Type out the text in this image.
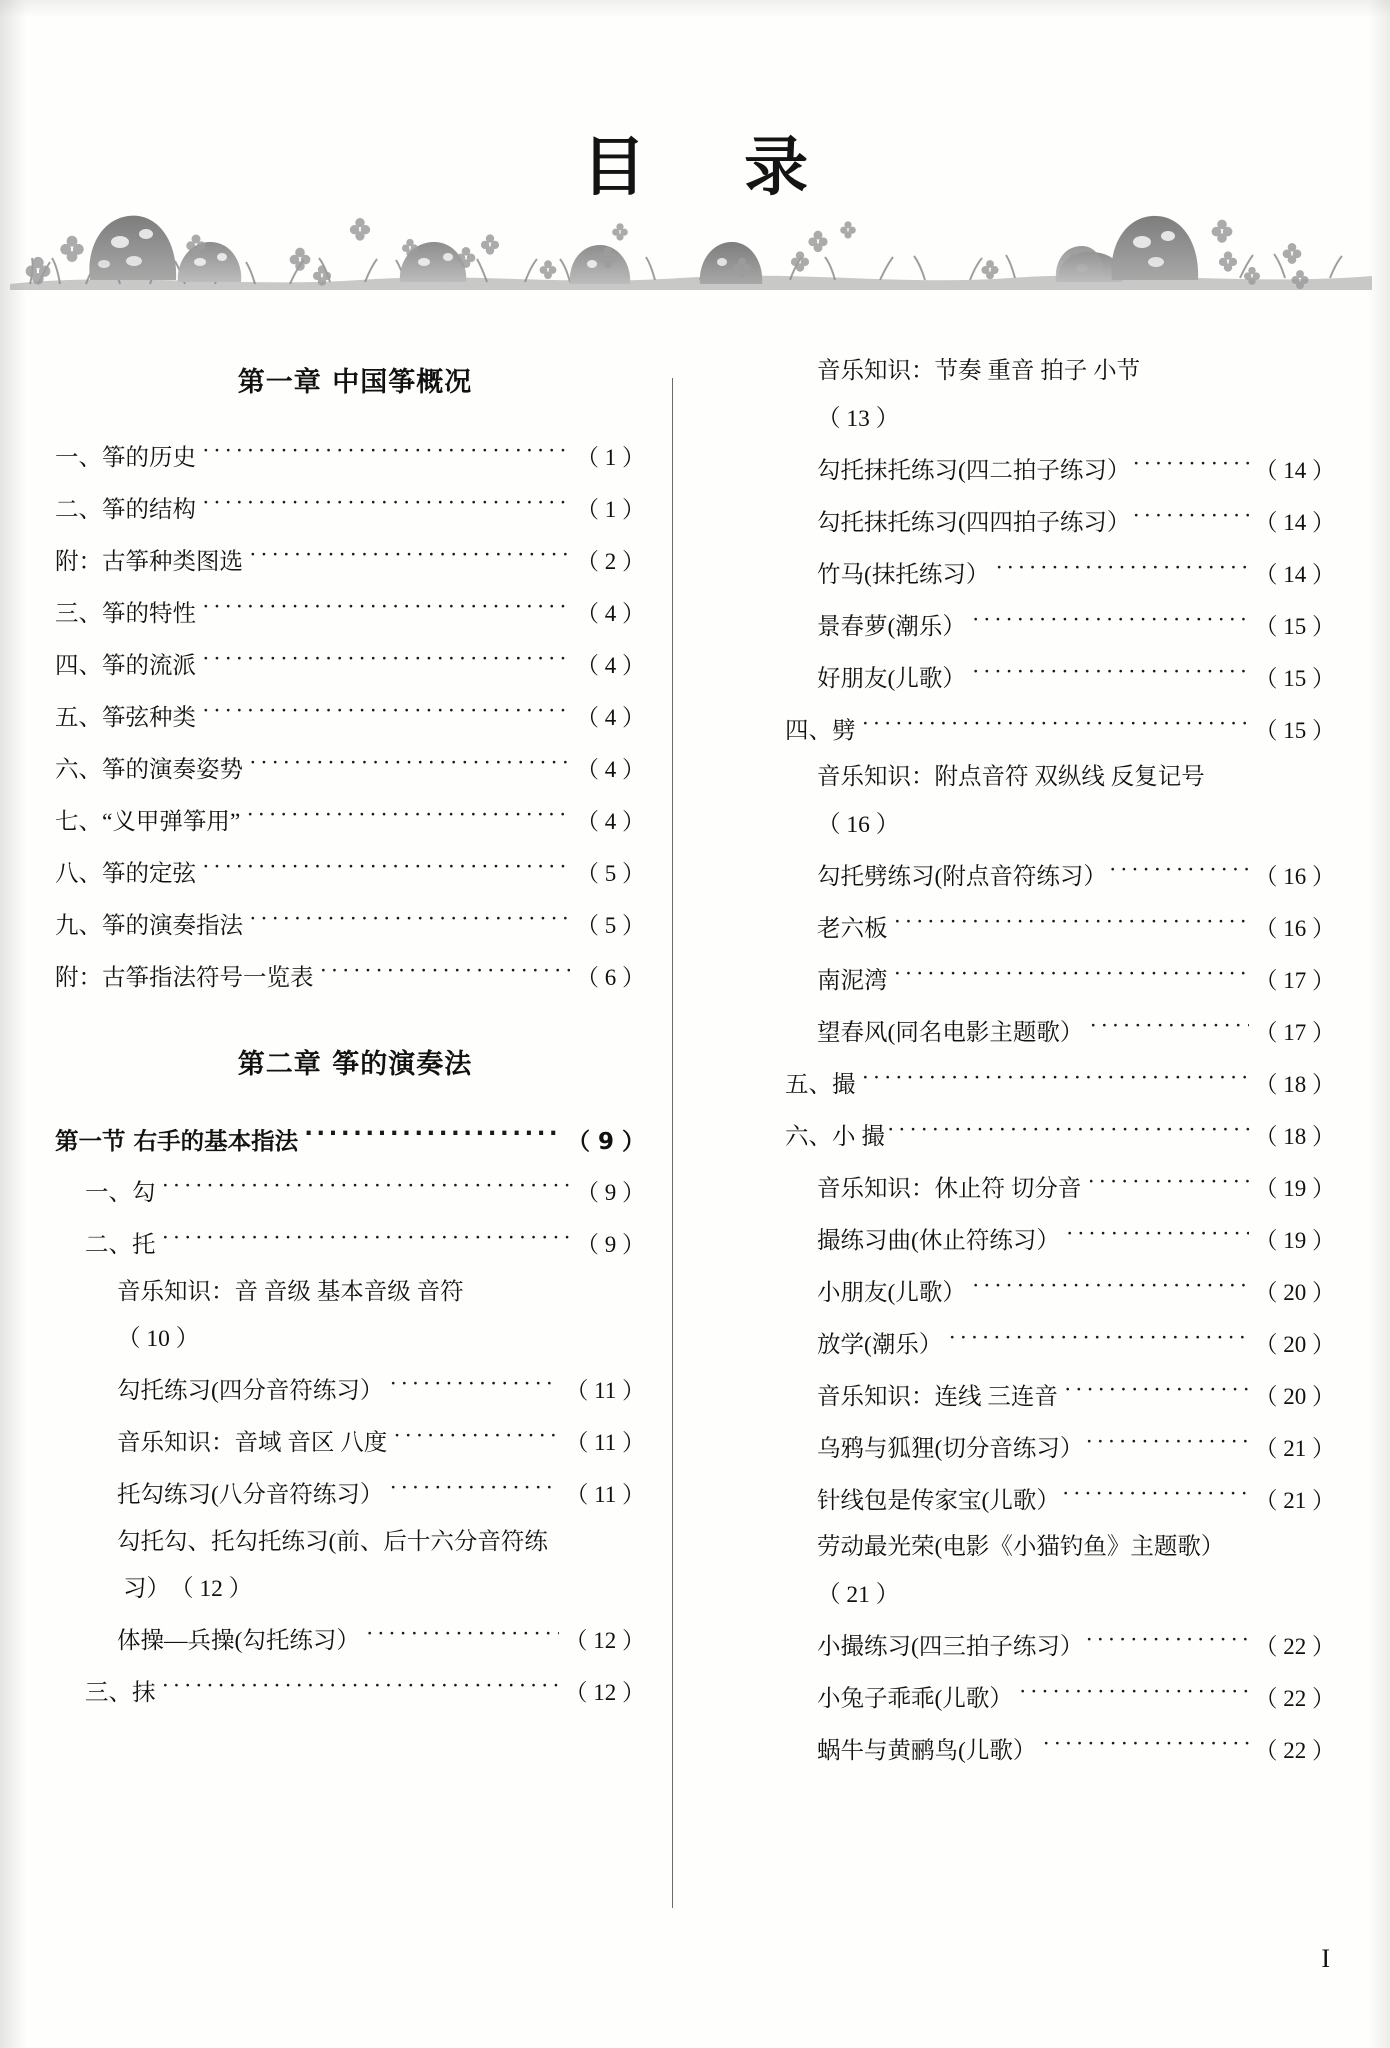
目 录
第一章 中国筝概况
一、筝的历史 ·····	（ 1 ）
二、筝的结构 ·····	（ 1 ）
附：古筝种类图选 ·····	（ 2 ）
三、筝的特性 ·····	（ 4 ）
四、筝的流派 ·····	（ 4 ）
五、筝弦种类 ·····	（ 4 ）
六、筝的演奏姿势 ·····	（ 4 ）
七、“义甲弹筝用” ·····	（ 4 ）
八、筝的定弦 ·····	（ 5 ）
九、筝的演奏指法 ·····	（ 5 ）
附：古筝指法符号一览表 ·····	（ 6 ）
第二章 筝的演奏法
第一节 右手的基本指法 ·····	（ 9 ）
一、勾 ·····	（ 9 ）
二、托 ·····	（ 9 ）
音乐知识：音 音级 基本音级 音符
（ 10 ）
勾托练习(四分音符练习） ·····	（ 11 ）
音乐知识：音域 音区 八度 ·····	（ 11 ）
托勾练习(八分音符练习） ·····	（ 11 ）
勾托勾、托勾托练习(前、后十六分音符练
习） （ 12 ）
体操—兵操(勾托练习） ·····	（ 12 ）
三、抹 ·····	（ 12 ）
音乐知识：节奏 重音 拍子 小节
（ 13 ）
勾托抹托练习(四二拍子练习） ·····	（ 14 ）
勾托抹托练习(四四拍子练习） ·····	（ 14 ）
竹马(抹托练习） ·····	（ 14 ）
景春萝(潮乐） ·····	（ 15 ）
好朋友(儿歌） ·····	（ 15 ）
四、劈 ·····	（ 15 ）
音乐知识：附点音符 双纵线 反复记号
（ 16 ）
勾托劈练习(附点音符练习） ·····	（ 16 ）
老六板 ·····	（ 16 ）
南泥湾 ·····	（ 17 ）
望春风(同名电影主题歌） ·····	（ 17 ）
五、撮 ·····	（ 18 ）
六、小 撮 ·····	（ 18 ）
音乐知识：休止符 切分音 ·····	（ 19 ）
撮练习曲(休止符练习） ·····	（ 19 ）
小朋友(儿歌） ·····	（ 20 ）
放学(潮乐） ·····	（ 20 ）
音乐知识：连线 三连音 ·····	（ 20 ）
乌鸦与狐狸(切分音练习） ·····	（ 21 ）
针线包是传家宝(儿歌） ·····	（ 21 ）
劳动最光荣(电影《小猫钓鱼》主题歌）
（ 21 ）
小撮练习(四三拍子练习） ·····	（ 22 ）
小兔子乖乖(儿歌） ·····	（ 22 ）
蜗牛与黄鹂鸟(儿歌） ·····	（ 22 ）
I
